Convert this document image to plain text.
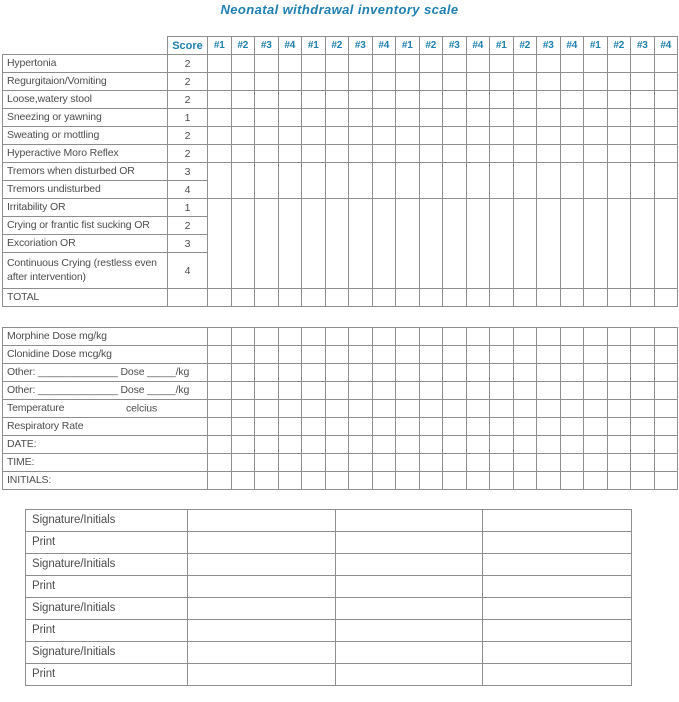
Neonatal withdrawal inventory scale
	Score	#1	#2	#3	#4	#1	#2	#3	#4	#1	#2	#3	#4	#1	#2	#3	#4	#1	#2	#3	#4
Hypertonia	2																				
Regurgitaion/Vomiting	2																				
Loose,watery stool	2																				
Sneezing or yawning	1																				
Sweating or mottling	2																				
Hyperactive Moro Reflex	2																				
Tremors when disturbed OR	3																				
Tremors undisturbed	4																				
Irritability OR	1																				
Crying or frantic fist sucking OR	2																				
Excoriation OR	3																				
Continuous Crying (restless even after intervention)	4																				
TOTAL																					
Morphine Dose mg/kg																				
Clonidine Dose mcg/kg																				
Other: ______________ Dose _____/kg																				
Other: ______________ Dose _____/kg																				
Temperature celcius																				

Respiratory Rate																				
DATE:																				
TIME:																				
INITIALS:																				
Signature/Initials			
Print			
Signature/Initials			
Print			
Signature/Initials			
Print			
Signature/Initials			
Print			
